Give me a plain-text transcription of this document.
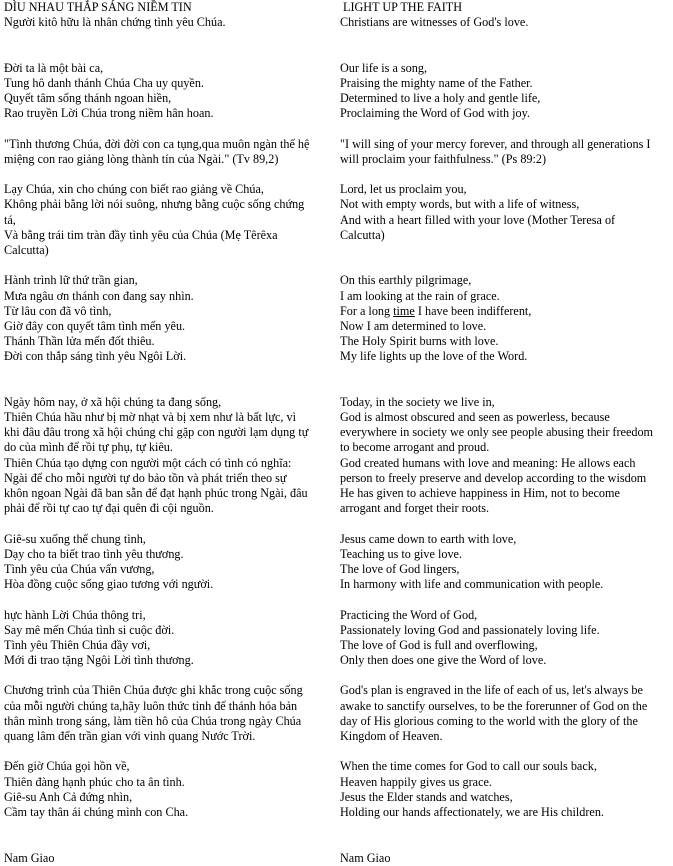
DÌU NHAU THẮP SÁNG NIỀM TIN
Người kitô hữu là nhân chứng tình yêu Chúa.
Đời ta là một bài ca,
Tung hô danh thánh Chúa Cha uy quyền.
Quyết tâm sống thánh ngoan hiền,
Rao truyền Lời Chúa trong niềm hân hoan.
"Tình thương Chúa, đời đời con ca tụng,qua muôn ngàn thế hệ
miệng con rao giảng lòng thành tín của Ngài." (Tv 89,2)
Lạy Chúa, xin cho chúng con biết rao giảng về Chúa,
Không phải bằng lời nói suông, nhưng bằng cuộc sống chứng
tá,
Và bằng trái tim tràn đầy tình yêu của Chúa (Mẹ Têrêxa
Calcutta)
Hành trình lữ thứ trần gian,
Mưa ngâu ơn thánh con đang say nhìn.
Từ lâu con đã vô tình,
Giờ đây con quyết tâm tình mến yêu.
Thánh Thần lửa mến đốt thiêu.
Đời con thắp sáng tình yêu Ngôi Lời.
Ngày hôm nay, ở xã hội chúng ta đang sống,
Thiên Chúa hầu như bị mờ nhạt và bị xem như là bất lực, vì
khi đâu đâu trong xã hội chúng chỉ gặp con người lạm dụng tự
do của mình để rồi tự phụ, tự kiêu.
Thiên Chúa tạo dựng con người một cách có tình có nghĩa:
Ngài để cho mỗi người tự do bảo tồn và phát triển theo sự
khôn ngoan Ngài đã ban sẵn để đạt hạnh phúc trong Ngài, đâu
phải để rồi tự cao tự đại quên đi cội nguồn.
Giê-su xuống thế chung tình,
Dạy cho ta biết trao tình yêu thương.
Tình yêu của Chúa vấn vương,
Hòa đồng cuộc sống giao tương với người.
hực hành Lời Chúa thông tri,
Say mê mến Chúa tình si cuộc đời.
Tình yêu Thiên Chúa đầy vơi,
Mới đi trao tặng Ngôi Lời tình thương.
Chương trình của Thiên Chúa được ghi khắc trong cuộc sống
của mỗi người chúng ta,hãy luôn thức tỉnh để thánh hóa bản
thân mình trong sáng, làm tiền hô của Chúa trong ngày Chúa
quang lâm đến trần gian với vinh quang Nước Trời.
Đến giờ Chúa gọi hồn về,
Thiên đàng hạnh phúc cho ta ân tình.
Giê-su Anh Cả đứng nhìn,
Cầm tay thân ái chúng mình con Cha.
Nam Giao
LIGHT UP THE FAITH
Christians are witnesses of God's love.
Our life is a song,
Praising the mighty name of the Father.
Determined to live a holy and gentle life,
Proclaiming the Word of God with joy.
"I will sing of your mercy forever, and through all generations I
will proclaim your faithfulness." (Ps 89:2)
Lord, let us proclaim you,
Not with empty words, but with a life of witness,
And with a heart filled with your love (Mother Teresa of
Calcutta)
On this earthly pilgrimage,
I am looking at the rain of grace.
For a long time I have been indifferent,
Now I am determined to love.
The Holy Spirit burns with love.
My life lights up the love of the Word.
Today, in the society we live in,
God is almost obscured and seen as powerless, because
everywhere in society we only see people abusing their freedom
to become arrogant and proud.
God created humans with love and meaning: He allows each
person to freely preserve and develop according to the wisdom
He has given to achieve happiness in Him, not to become
arrogant and forget their roots.
Jesus came down to earth with love,
Teaching us to give love.
The love of God lingers,
In harmony with life and communication with people.
Practicing the Word of God,
Passionately loving God and passionately loving life.
The love of God is full and overflowing,
Only then does one give the Word of love.
God's plan is engraved in the life of each of us, let's always be
awake to sanctify ourselves, to be the forerunner of God on the
day of His glorious coming to the world with the glory of the
Kingdom of Heaven.
When the time comes for God to call our souls back,
Heaven happily gives us grace.
Jesus the Elder stands and watches,
Holding our hands affectionately, we are His children.
Nam Giao
